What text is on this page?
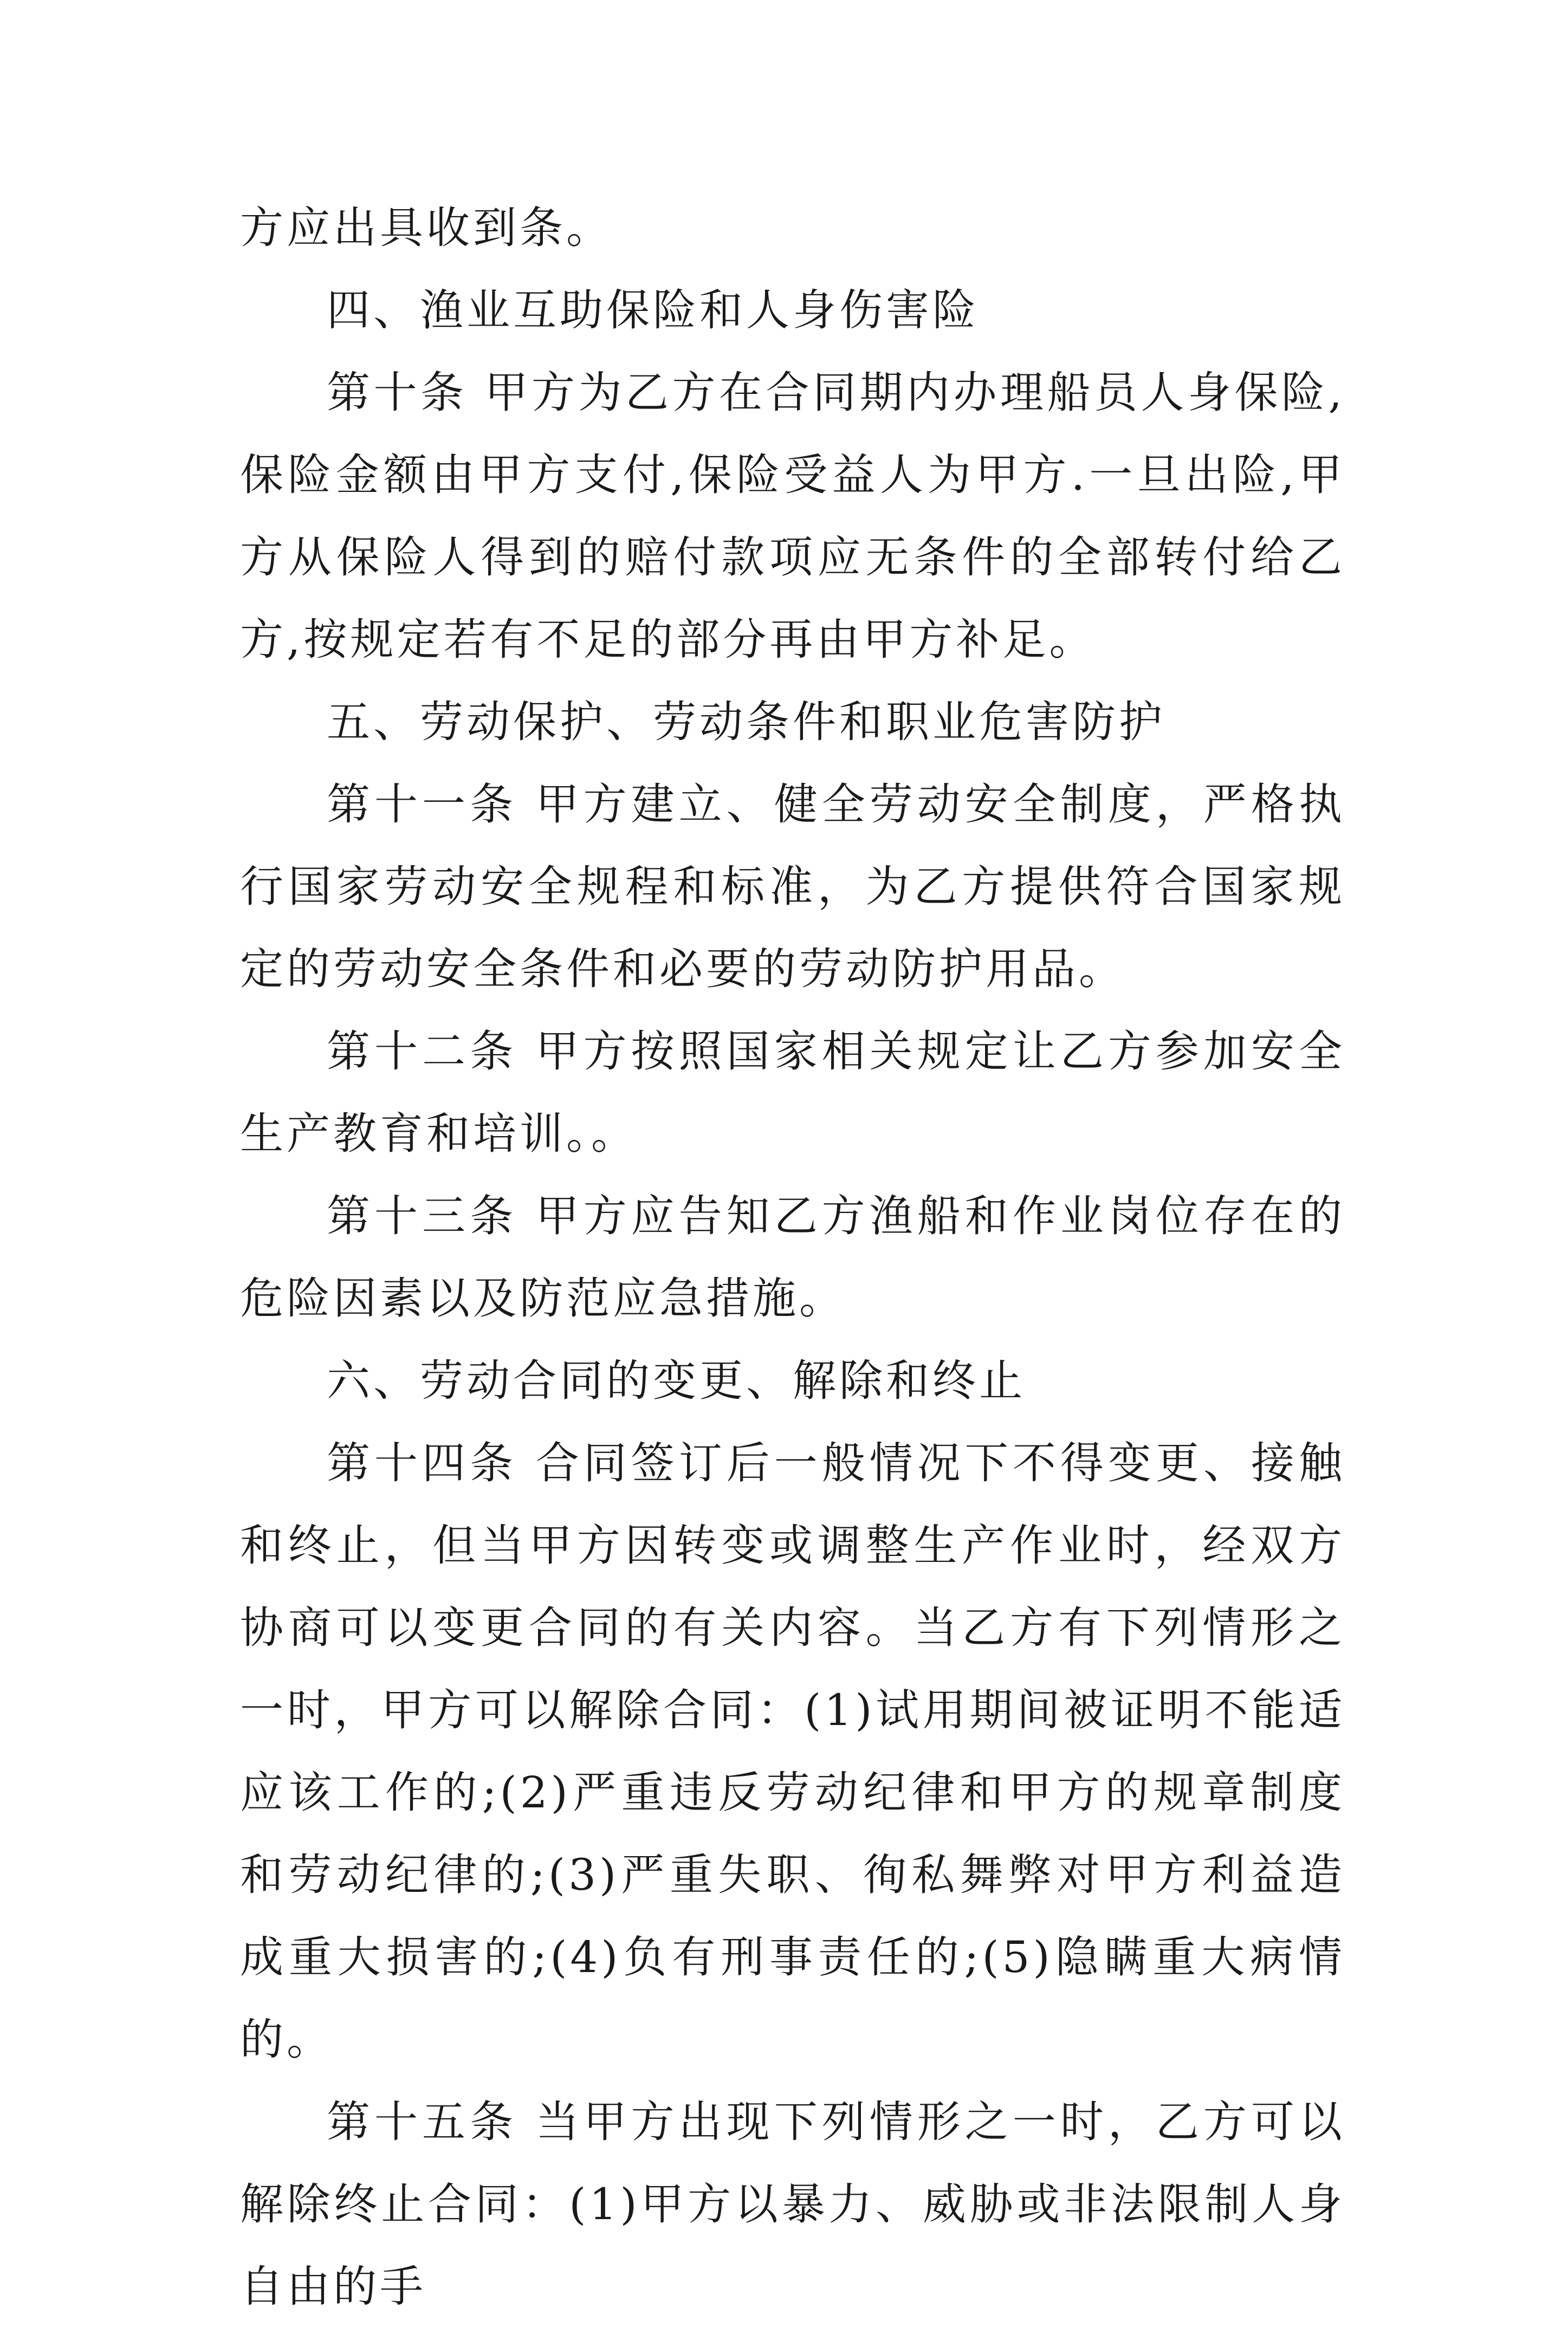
方应出具收到条。

四、渔业互助保险和人身伤害险

第十条 甲方为乙方在合同期内办理船员人身保险,保险金额由甲方支付,保险受益人为甲方.一旦出险,甲方从保险人得到的赔付款项应无条件的全部转付给乙方,按规定若有不足的部分再由甲方补足。

五、劳动保护、劳动条件和职业危害防护

第十一条 甲方建立、健全劳动安全制度，严格执行国家劳动安全规程和标准，为乙方提供符合国家规定的劳动安全条件和必要的劳动防护用品。

第十二条 甲方按照国家相关规定让乙方参加安全生产教育和培训。。

第十三条 甲方应告知乙方渔船和作业岗位存在的危险因素以及防范应急措施。

六、劳动合同的变更、解除和终止

第十四条 合同签订后一般情况下不得变更、接触和终止，但当甲方因转变或调整生产作业时，经双方协商可以变更合同的有关内容。当乙方有下列情形之一时，甲方可以解除合同：(1)试用期间被证明不能适应该工作的;(2)严重违反劳动纪律和甲方的规章制度和劳动纪律的;(3)严重失职、徇私舞弊对甲方利益造成重大损害的;(4)负有刑事责任的;(5)隐瞒重大病情的。

第十五条 当甲方出现下列情形之一时，乙方可以解除终止合同：(1)甲方以暴力、威胁或非法限制人身自由的手
